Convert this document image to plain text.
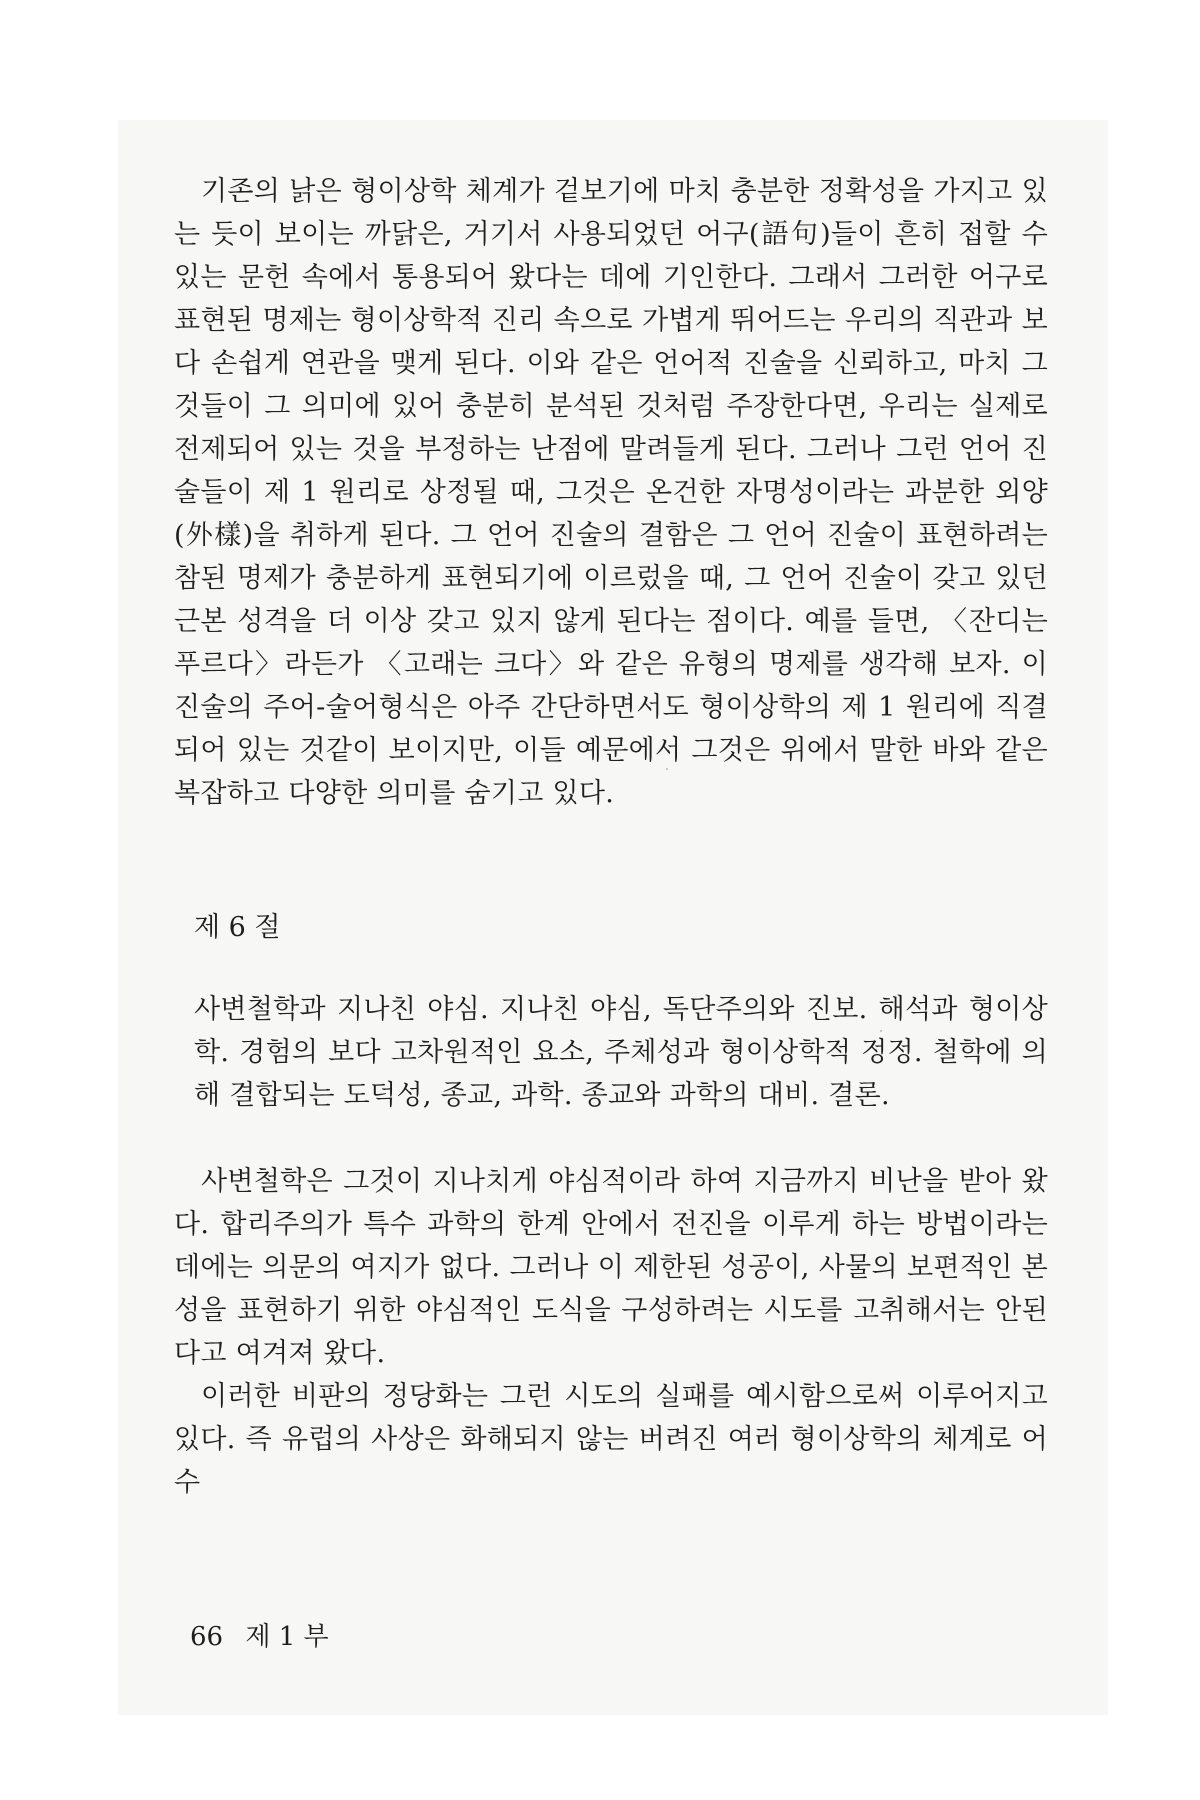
기존의 낡은 형이상학 체계가 겉보기에 마치 충분한 정확성을 가지고 있는 듯이 보이는 까닭은, 거기서 사용되었던 어구(語句)들이 흔히 접할 수 있는 문헌 속에서 통용되어 왔다는 데에 기인한다. 그래서 그러한 어구로 표현된 명제는 형이상학적 진리 속으로 가볍게 뛰어드는 우리의 직관과 보다 손쉽게 연관을 맺게 된다. 이와 같은 언어적 진술을 신뢰하고, 마치 그것들이 그 의미에 있어 충분히 분석된 것처럼 주장한다면, 우리는 실제로 전제되어 있는 것을 부정하는 난점에 말려들게 된다. 그러나 그런 언어 진술들이 제 1 원리로 상정될 때, 그것은 온건한 자명성이라는 과분한 외양(外樣)을 취하게 된다. 그 언어 진술의 결함은 그 언어 진술이 표현하려는 참된 명제가 충분하게 표현되기에 이르렀을 때, 그 언어 진술이 갖고 있던 근본 성격을 더 이상 갖고 있지 않게 된다는 점이다. 예를 들면, 〈잔디는 푸르다〉라든가 〈고래는 크다〉와 같은 유형의 명제를 생각해 보자. 이 진술의 주어-술어형식은 아주 간단하면서도 형이상학의 제 1 원리에 직결되어 있는 것같이 보이지만, 이들 예문에서 그것은 위에서 말한 바와 같은 복잡하고 다양한 의미를 숨기고 있다.

제 6 절

사변철학과 지나친 야심. 지나친 야심, 독단주의와 진보. 해석과 형이상학. 경험의 보다 고차원적인 요소, 주체성과 형이상학적 정정. 철학에 의해 결합되는 도덕성, 종교, 과학. 종교와 과학의 대비. 결론.

사변철학은 그것이 지나치게 야심적이라 하여 지금까지 비난을 받아 왔다. 합리주의가 특수 과학의 한계 안에서 전진을 이루게 하는 방법이라는 데에는 의문의 여지가 없다. 그러나 이 제한된 성공이, 사물의 보편적인 본성을 표현하기 위한 야심적인 도식을 구성하려는 시도를 고취해서는 안된다고 여겨져 왔다.

이러한 비판의 정당화는 그런 시도의 실패를 예시함으로써 이루어지고 있다. 즉 유럽의 사상은 화해되지 않는 버려진 여러 형이상학의 체계로 어수

66 제 1 부
